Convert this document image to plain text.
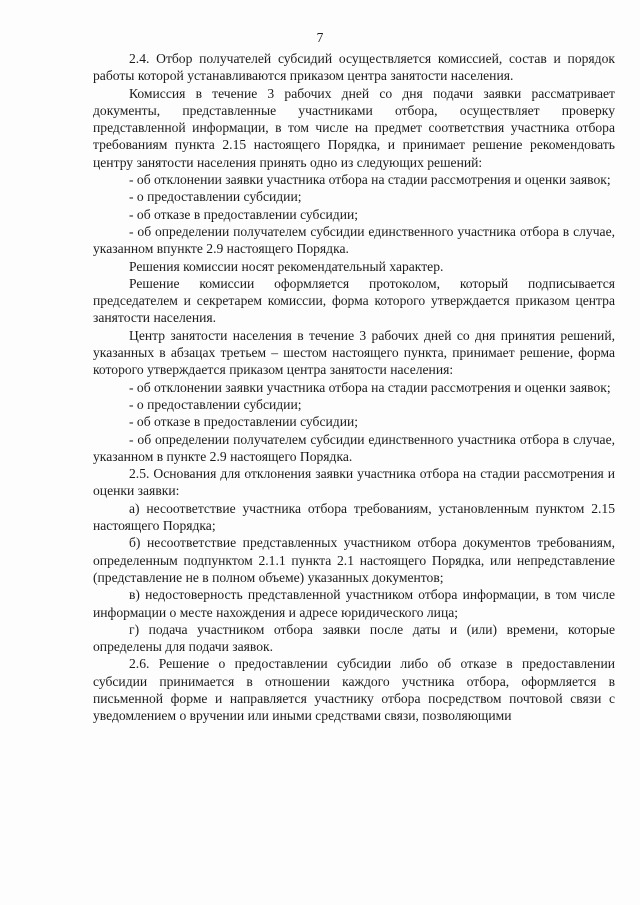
7

2.4. Отбор получателей субсидий осуществляется комиссией, состав и порядок работы которой устанавливаются приказом центра занятости населения.

Комиссия в течение 3 рабочих дней со дня подачи заявки рассматривает документы, представленные участниками отбора, осуществляет проверку представленной информации, в том числе на предмет соответствия участника отбора требованиям пункта 2.15 настоящего Порядка, и принимает решение рекомендовать центру занятости населения принять одно из следующих решений:

- об отклонении заявки участника отбора на стадии рассмотрения и оценки заявок;

- о предоставлении субсидии;

- об отказе в предоставлении субсидии;

- об определении получателем субсидии единственного участника отбора в случае, указанном впункте 2.9 настоящего Порядка.

Решения комиссии носят рекомендательный характер.

Решение комиссии оформляется протоколом, который подписывается председателем и секретарем комиссии, форма которого утверждается приказом центра занятости населения.

Центр занятости населения в течение 3 рабочих дней со дня принятия решений, указанных в абзацах третьем – шестом настоящего пункта, принимает решение, форма которого утверждается приказом центра занятости населения:

- об отклонении заявки участника отбора на стадии рассмотрения и оценки заявок;

- о предоставлении субсидии;

- об отказе в предоставлении субсидии;

- об определении получателем субсидии единственного участника отбора в случае, указанном в пункте 2.9 настоящего Порядка.

2.5. Основания для отклонения заявки участника отбора на стадии рассмотрения и оценки заявки:

а) несоответствие участника отбора требованиям, установленным пунктом 2.15 настоящего Порядка;

б) несоответствие представленных участником отбора документов требованиям, определенным подпунктом 2.1.1 пункта 2.1 настоящего Порядка, или непредставление (представление не в полном объеме) указанных документов;

в) недостоверность представленной участником отбора информации, в том числе информации о месте нахождения и адресе юридического лица;

г) подача участником отбора заявки после даты и (или) времени, которые определены для подачи заявок.

2.6. Решение о предоставлении субсидии либо об отказе в предоставлении субсидии принимается в отношении каждого учстника отбора, оформляется в письменной форме и направляется участнику отбора посредством почтовой связи с уведомлением о вручении или иными средствами связи, позволяющими
